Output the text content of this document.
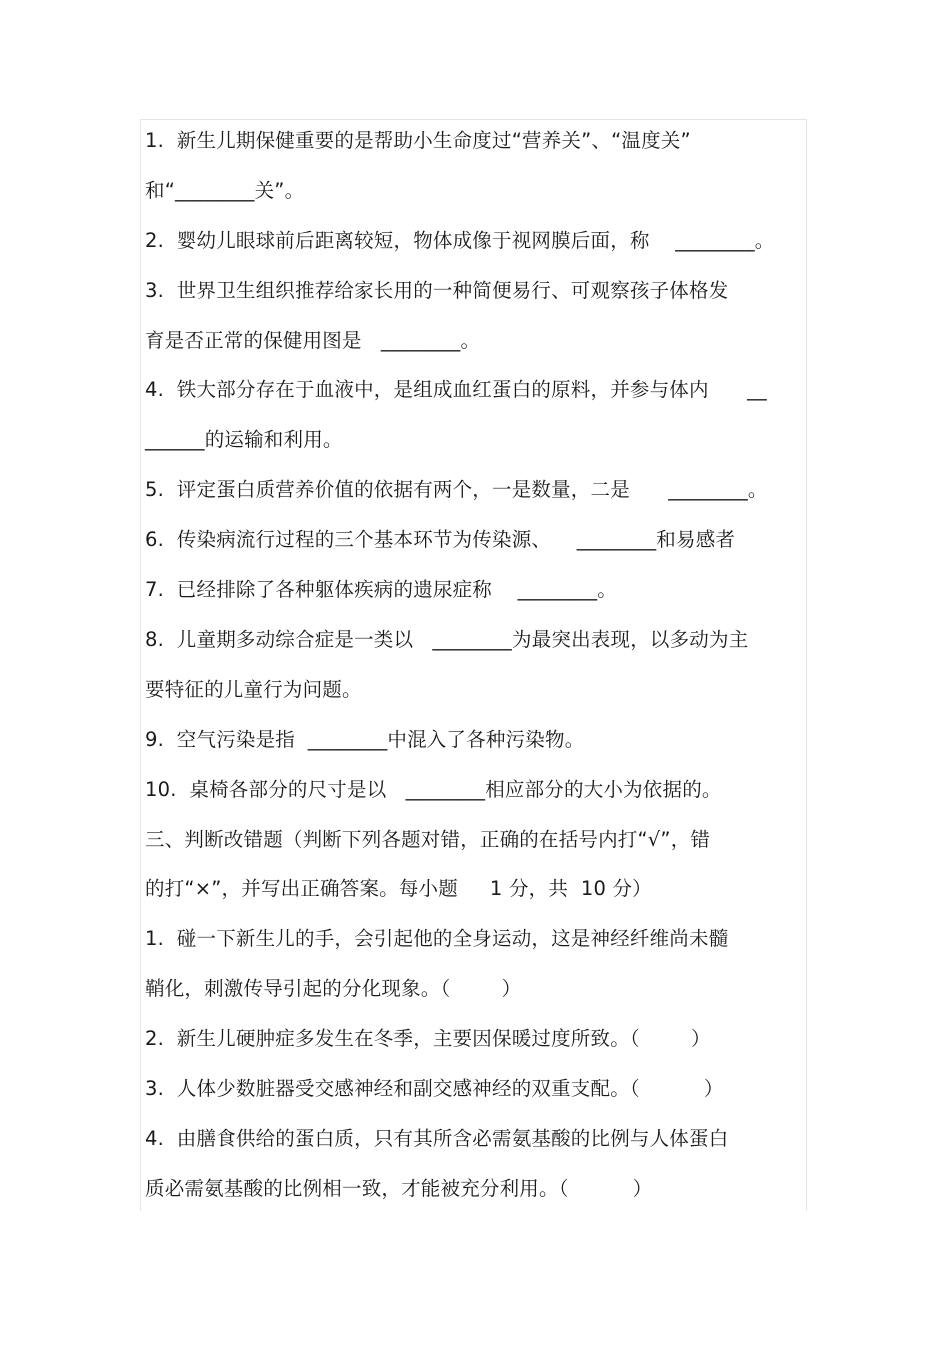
1.  新生儿期保健重要的是帮助小生命度过“营养关”、“温度关”
和“________关”。
2.  婴幼儿眼球前后距离较短，物体成像于视网膜后面，称    ________。
3.  世界卫生组织推荐给家长用的一种简便易行、可观察孩子体格发
育是否正常的保健用图是   ________。
4.  铁大部分存在于血液中，是组成血红蛋白的原料，并参与体内      __
______的运输和利用。
5.  评定蛋白质营养价值的依据有两个，一是数量，二是      ________。
6.  传染病流行过程的三个基本环节为传染源、    ________和易感者
7.  已经排除了各种躯体疾病的遗尿症称    ________。
8.  儿童期多动综合症是一类以   ________为最突出表现，以多动为主
要特征的儿童行为问题。
9.  空气污染是指  ________中混入了各种污染物。
10.  桌椅各部分的尺寸是以   ________相应部分的大小为依据的。
三、判断改错题（判断下列各题对错，正确的在括号内打“√”，错
的打“×”，并写出正确答案。每小题     1 分，共  10 分）
1.  碰一下新生儿的手，会引起他的全身运动，这是神经纤维尚未髓
鞘化，刺激传导引起的分化现象。（        ）
2.  新生儿硬肿症多发生在冬季，主要因保暖过度所致。（        ）
3.  人体少数脏器受交感神经和副交感神经的双重支配。（          ）
4.  由膳食供给的蛋白质，只有其所含必需氨基酸的比例与人体蛋白
质必需氨基酸的比例相一致，才能被充分利用。（          ）
